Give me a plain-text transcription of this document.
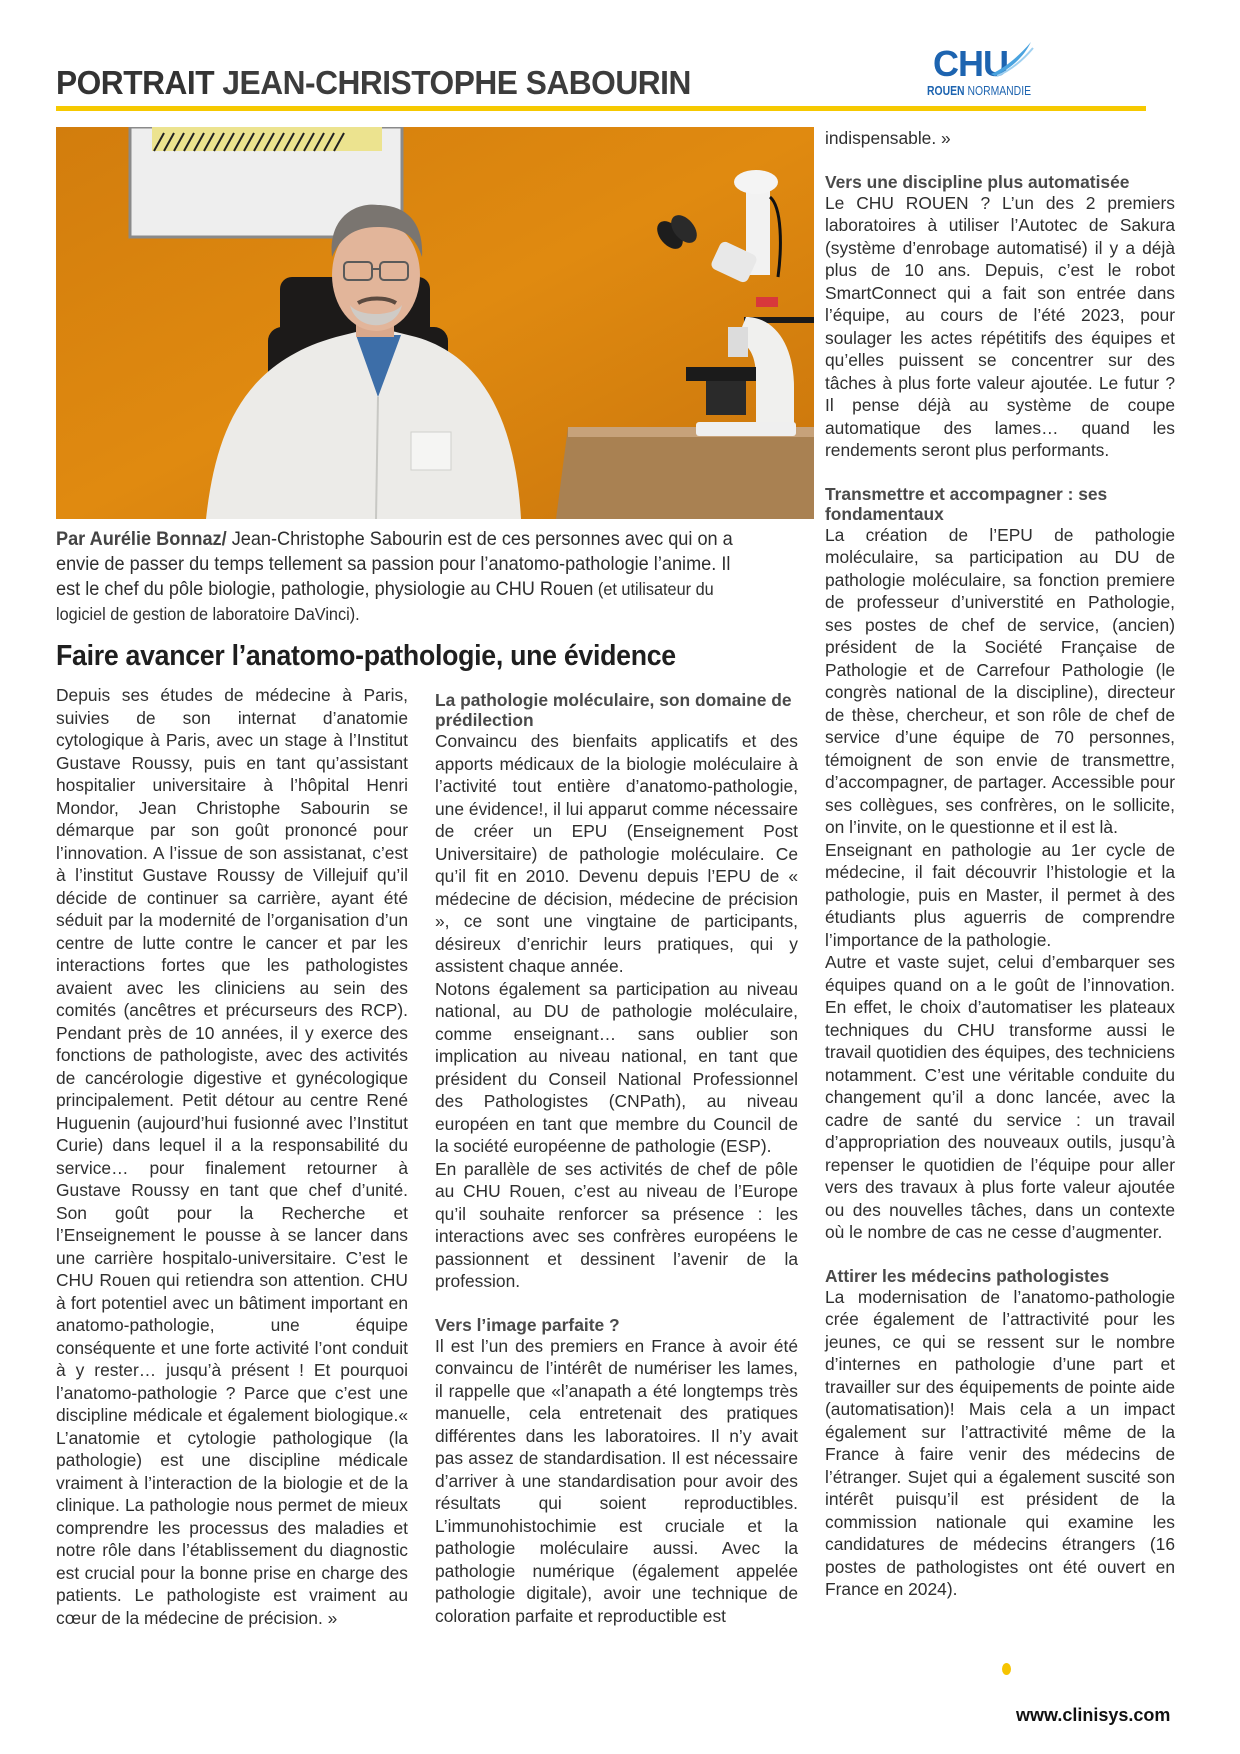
PORTRAIT JEAN-CHRISTOPHE SABOURIN	CHU
ROUEN NORMANDIE
Par Aurélie Bonnaz/ Jean-Christophe Sabourin est de ces personnes avec qui on a envie de passer du temps tellement sa passion pour l’anatomo-pathologie l’anime. Il est le chef du pôle biologie, pathologie, physiologie au CHU Rouen (et utilisateur du logiciel de gestion de laboratoire DaVinci).
Faire avancer l’anatomo-pathologie, une évidence

Depuis ses études de médecine à Paris, suivies de son internat d’anatomie cytologique à Paris, avec un stage à l’Institut Gustave Roussy, puis en tant qu’assistant hospitalier universitaire à l’hôpital Henri Mondor, Jean Christophe Sabourin se démarque par son goût prononcé pour l’innovation. A l’issue de son assistanat, c’est à l’institut Gustave Roussy de Villejuif qu’il décide de continuer sa carrière, ayant été séduit par la modernité de l’organisation d’un centre de lutte contre le cancer et par les interactions fortes que les pathologistes avaient avec les cliniciens au sein des comités (ancêtres et précurseurs des RCP). Pendant près de 10 années, il y exerce des fonctions de pathologiste, avec des activités de cancérologie digestive et gynécologique principalement. Petit détour au centre René Huguenin (aujourd’hui fusionné avec l’Institut Curie) dans lequel il a la responsabilité du service… pour finalement retourner à Gustave Roussy en tant que chef d’unité. Son goût pour la Recherche et l’Enseignement le pousse à se lancer dans une carrière hospitalo-universitaire. C’est le CHU Rouen qui retiendra son attention. CHU à fort potentiel avec un bâtiment important en anatomo-pathologie, une équipe conséquente et une forte activité l’ont conduit à y rester… jusqu’à présent ! Et pourquoi l’anatomo-pathologie ? Parce que c’est une discipline médicale et également biologique.« L’anatomie et cytologie pathologique (la pathologie) est une discipline médicale vraiment à l’interaction de la biologie et de la clinique. La pathologie nous permet de mieux comprendre les processus des maladies et notre rôle dans l’établissement du diagnostic est crucial pour la bonne prise en charge des patients. Le pathologiste est vraiment au cœur de la médecine de précision. »

La pathologie moléculaire, son domaine de prédilection

Convaincu des bienfaits applicatifs et des apports médicaux de la biologie moléculaire à l’activité tout entière d’anatomo-pathologie, une évidence!, il lui apparut comme nécessaire de créer un EPU (Enseignement Post Universitaire) de pathologie moléculaire. Ce qu’il fit en 2010. Devenu depuis l’EPU de « médecine de décision, médecine de précision », ce sont une vingtaine de participants, désireux d’enrichir leurs pratiques, qui y assistent chaque année.

Notons également sa participation au niveau national, au DU de pathologie moléculaire, comme enseignant… sans oublier son implication au niveau national, en tant que président du Conseil National Professionnel des Pathologistes (CNPath), au niveau européen en tant que membre du Council de la société européenne de pathologie (ESP).

En parallèle de ses activités de chef de pôle au CHU Rouen, c’est au niveau de l’Europe qu’il souhaite renforcer sa présence : les interactions avec ses confrères européens le passionnent et dessinent l’avenir de la profession.

Vers l’image parfaite ?

Il est l’un des premiers en France à avoir été convaincu de l’intérêt de numériser les lames, il rappelle que «l’anapath a été longtemps très manuelle, cela entretenait des pratiques différentes dans les laboratoires. Il n’y avait pas assez de standardisation. Il est nécessaire d’arriver à une standardisation pour avoir des résultats qui soient reproductibles. L’immunohistochimie est cruciale et la pathologie moléculaire aussi. Avec la pathologie numérique (également appelée pathologie digitale), avoir une technique de coloration parfaite et reproductible est

indispensable. »

Vers une discipline plus automatisée

Le CHU ROUEN ? L’un des 2 premiers laboratoires à utiliser l’Autotec de Sakura (système d’enrobage automatisé) il y a déjà plus de 10 ans. Depuis, c’est le robot SmartConnect qui a fait son entrée dans l’équipe, au cours de l’été 2023, pour soulager les actes répétitifs des équipes et qu’elles puissent se concentrer sur des tâches à plus forte valeur ajoutée. Le futur ? Il pense déjà au système de coupe automatique des lames… quand les rendements seront plus performants.

Transmettre et accompagner : ses fondamentaux

La création de l’EPU de pathologie moléculaire, sa participation au DU de pathologie moléculaire, sa fonction premiere de professeur d’universtité en Pathologie, ses postes de chef de service, (ancien) président de la Société Française de Pathologie et de Carrefour Pathologie (le congrès national de la discipline), directeur de thèse, chercheur, et son rôle de chef de service d’une équipe de 70 personnes, témoignent de son envie de transmettre, d’accompagner, de partager. Accessible pour ses collègues, ses confrères, on le sollicite, on l’invite, on le questionne et il est là.

Enseignant en pathologie au 1er cycle de médecine, il fait découvrir l’histologie et la pathologie, puis en Master, il permet à des étudiants plus aguerris de comprendre l’importance de la pathologie.

Autre et vaste sujet, celui d’embarquer ses équipes quand on a le goût de l’innovation. En effet, le choix d’automatiser les plateaux techniques du CHU transforme aussi le travail quotidien des équipes, des techniciens notamment. C’est une véritable conduite du changement qu’il a donc lancée, avec la cadre de santé du service : un travail d’appropriation des nouveaux outils, jusqu’à repenser le quotidien de l’équipe pour aller vers des travaux à plus forte valeur ajoutée ou des nouvelles tâches, dans un contexte où le nombre de cas ne cesse d’augmenter.

Attirer les médecins pathologistes

La modernisation de l’anatomo-pathologie crée également de l’attractivité pour les jeunes, ce qui se ressent sur le nombre d’internes en pathologie d’une part et travailler sur des équipements de pointe aide (automatisation)! Mais cela a un impact également sur l’attractivité même de la France à faire venir des médecins de l’étranger. Sujet qui a également suscité son intérêt puisqu’il est président de la commission nationale qui examine les candidatures de médecins étrangers (16 postes de pathologistes ont été ouvert en France en 2024).

www.clinisys.com
